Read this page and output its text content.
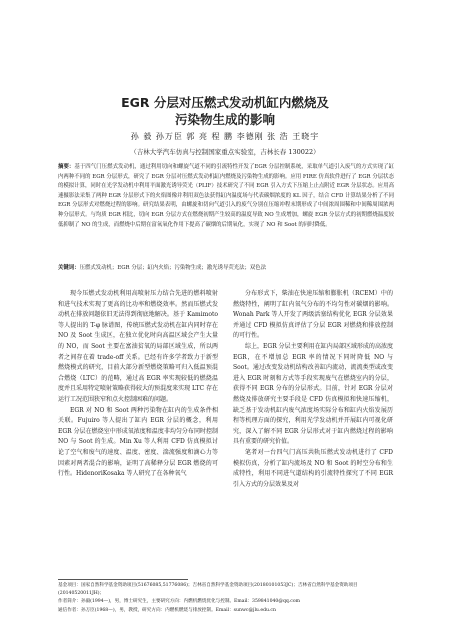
EGR 分层对压燃式发动机缸内燃烧及
污染物生成的影响
孙 毅 孙万臣 郭 亮 程 鹏 李德刚 张 浩 王晓宇
（吉林大学汽车仿真与控制国家重点实验室，吉林长春 130022）
摘要：基于四气门压燃式发动机，通过利用切向和螺旋气道不同的引流特性开发了EGR 分层控制系统，采取单气道引入废气的方式实现了缸内两种不同的 EGR 分层形式，研究了 EGR 分层对压燃式发动机缸内燃烧及污染物生成的影响。应用 FIRE 仿真软件进行了 EGR 分层状态的模拟计算，同时在光学发动机中利用平面激光诱导荧光（PLIF）技术研究了不同 EGR 引入方式下压缩上止点附近 EGR 分层状态。应用高速摄影法采集了两种 EGR 分层形式下的火焰图像并利用双色法获得缸内温度场与代表碳烟浓度的 KL 因子，结合 CFD 计算结果分析了不同EGR 分层形式对燃烧过程的影响。研究结果表明，由螺旋和切向气道引入的废气分别在压缩冲程末期形成了中间浓周围稀和中间稀周围浓两种分层形式。与均质 EGR 相比，切向 EGR 分层方式在燃烧初期产生较高的温度导致 NO 生成增加，螺旋 EGR 分层方式的初期燃烧温度较低抑制了 NO 的生成，而燃烧中后期在富氧氧化作用下提高了碳烟的后期氧化，实现了 NO 和 Soot 的同时降低。
关键词：压燃式发动机；EGR 分层；缸内火焰；污染物生成；激光诱导荧光法；双色法

现今压燃式发动机利用高喷射压力结合先进的燃料喷射和进气技术实现了更高的比功率和燃烧效率。然而压燃式发动机在排放问题依旧无法得到彻底地解决。基于 Kamimoto 等人提出的 T-φ 脉谱图，传统压燃式发动机在缸内同时存在 NO 及 Soot 生成区，在独立优化时向高温区域会产生大量的 NO，而 Soot 主要在富油贫氧的局部区域生成，所以两者之间存在着 trade-off 关系。已经有许多学者致力于新型燃烧模式的研究，目前大部分新型燃烧策略可归入低温预混合燃烧（LTC）的范畴，通过高 EGR 率实现较低的燃烧温度并且采用特定喷射策略获得较大的预混度来实现 LTC 存在运行工况范围狭窄和点火控制困难的问题。

EGR 对 NO 和 Soot 两种污染物在缸内的生成条件相关联。Fujuiro 等人提出了缸内 EGR 分层的概念，利用 EGR 分层在燃烧室中形成氧浓度和温度非均匀分布同时控制 NO 与 Soot 的生成。Min Xu 等人利用 CFD 仿真模拟讨论了空气和废气的速度、温度、密度、湍流强度和滴心力等因素对两者混合的影响，证明了高稀释分层 EGR 燃烧的可行性。HidenoriKosaka 等人研究了在各种氧气

分布形式下，柴油在快速压缩和膨胀机（RCEM）中的燃烧特性，阐明了缸内氧气分布的不均匀性对碳烟的影响。Wonah Park 等人开发了两级活塞结构优化 EGR 分层效果并通过 CFD 模拟仿真评估了分层 EGR 对燃烧和排放控制的可行性。

综上，EGR 分层主要利用在缸内局部区域形成的高浓度 EGR，在不增加总 EGR 率的情况下同时降低 NO 与 Soot。通过改变发动机结构改善缸内流动，流流类型或改变进入 EGR 时刻和方式等手段实现废气在燃烧室内的分层，获得不同 EGR 分布的分层形式。目前，针对 EGR 分层对燃烧及排放研究主要手段是 CFD 仿真模拟和快速压缩机，缺乏基于发动机缸内废气浓度场实际分布和缸内火焰发展历程等机理方面的探究，利用光学发动机并开展缸内可视化研究，深入了解不同 EGR 分层形式对于缸内燃烧过程的影响具有重要的研究价值。

笔者对一台四气门高压共轨压燃式发动机进行了 CFD 模拟仿真，分析了缸内流场及 NO 和 Soot 的时空分布和生成特性，利用不同进气道结构的引流特性探究了不同 EGR 引入方式的分层效果及对

基金项目：国家自然科学基金资助项目(51676085,51776086)；吉林省自然科学基金资助项目(20180101053JC)；吉林省自然科学基金资助项目(20140520011JH)；
作者简介：孙毅(1994—)，男，博士研究生，主要研究方向：内燃机燃烧优化与控制。Email：359841040@qq.com
通信作者：孙万臣(1968—)，男，教授，研究方向：内燃机燃烧与排放控制。Email：sunwc@jlu.edu.cn
